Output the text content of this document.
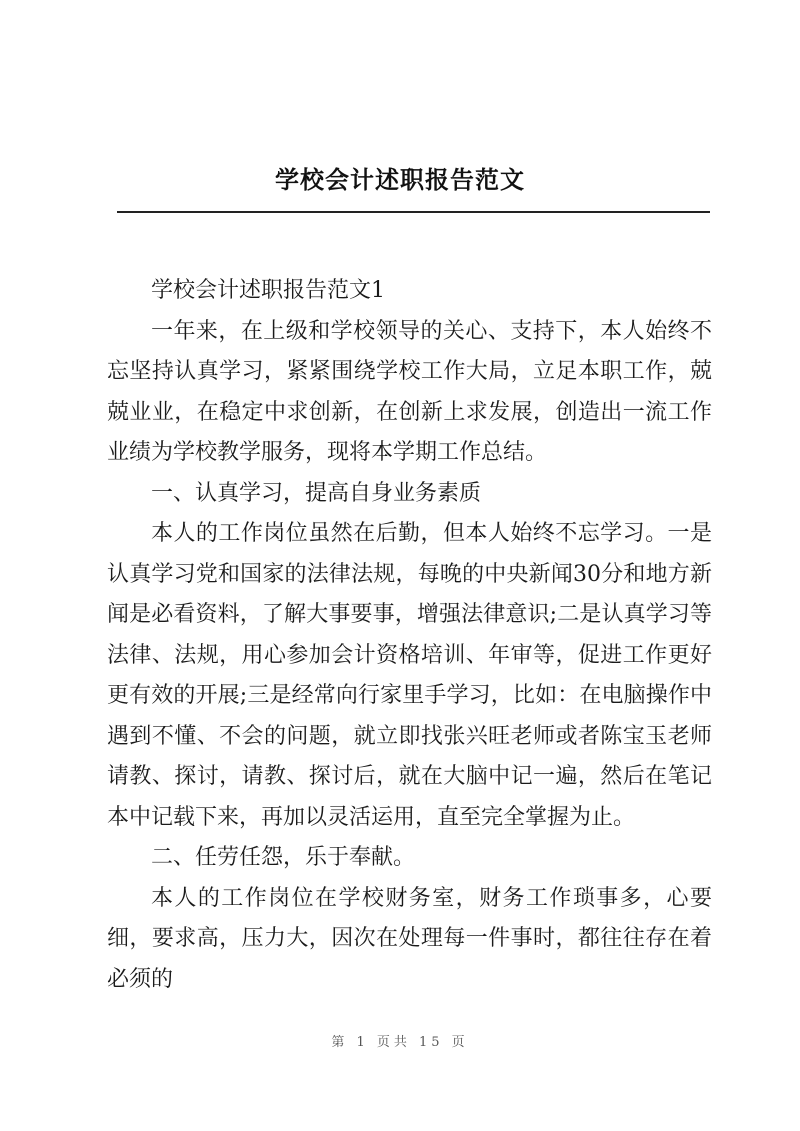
学校会计述职报告范文

学校会计述职报告范文1

一年来，在上级和学校领导的关心、支持下，本人始终不忘坚持认真学习，紧紧围绕学校工作大局，立足本职工作，兢兢业业，在稳定中求创新，在创新上求发展，创造出一流工作业绩为学校教学服务，现将本学期工作总结。

一、认真学习，提高自身业务素质

本人的工作岗位虽然在后勤，但本人始终不忘学习。一是认真学习党和国家的法律法规，每晚的中央新闻30分和地方新闻是必看资料，了解大事要事，增强法律意识;二是认真学习等法律、法规，用心参加会计资格培训、年审等，促进工作更好更有效的开展;三是经常向行家里手学习，比如：在电脑操作中遇到不懂、不会的问题，就立即找张兴旺老师或者陈宝玉老师请教、探讨，请教、探讨后，就在大脑中记一遍，然后在笔记本中记载下来，再加以灵活运用，直至完全掌握为止。

二、任劳任怨，乐于奉献。

本人的工作岗位在学校财务室，财务工作琐事多，心要细，要求高，压力大，因次在处理每一件事时，都往往存在着必须的

第 1 页共 15 页
